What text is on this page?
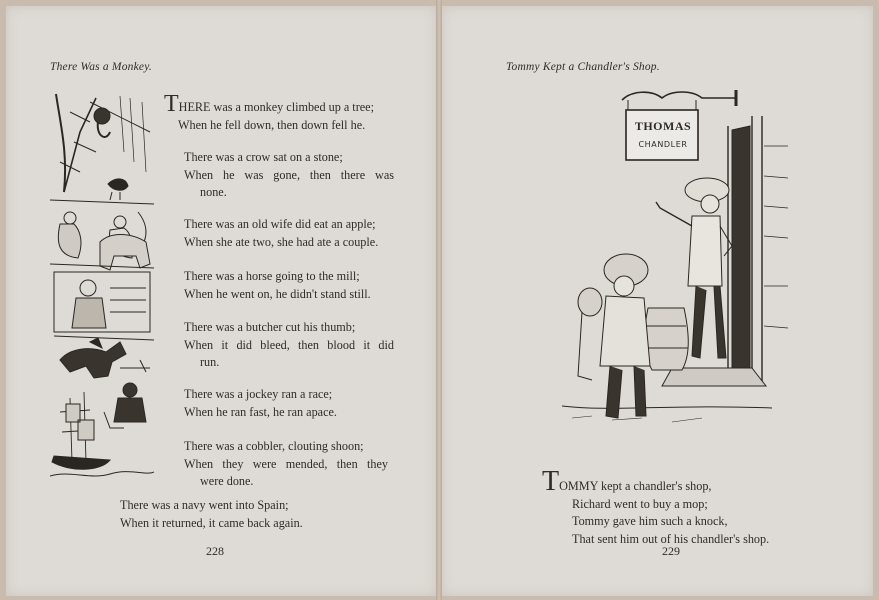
There Was a Monkey.

THERE was a monkey climbed up a tree;

When he fell down, then down fell he.

There was a crow sat on a stone;

When he was gone, then there was

none.

There was an old wife did eat an apple;

When she ate two, she had ate a couple.

There was a horse going to the mill;

When he went on, he didn't stand still.

There was a butcher cut his thumb;

When it did bleed, then blood it did

run.

There was a jockey ran a race;

When he ran fast, he ran apace.

There was a cobbler, clouting shoon;

When they were mended, then they

were done.

There was a navy went into Spain;

When it returned, it came back again.

228
Tommy Kept a Chandler's Shop.
THOMAS
CHANDLER

TOMMY kept a chandler's shop,

Richard went to buy a mop;

Tommy gave him such a knock,

That sent him out of his chandler's shop.

229
